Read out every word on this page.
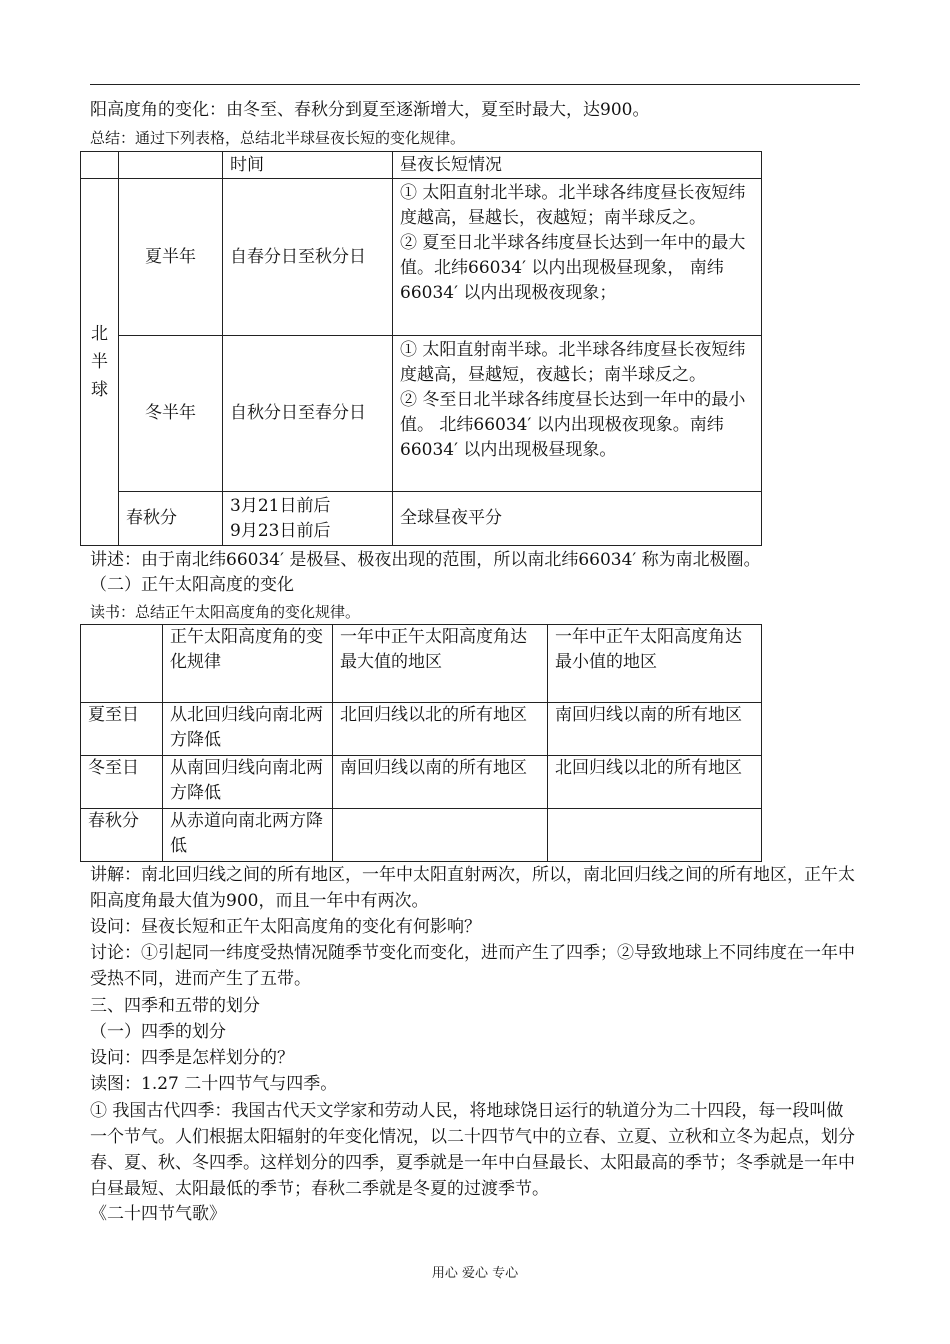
阳高度角的变化：由冬至、春秋分到夏至逐渐增大，夏至时最大，达900。
总结：通过下列表格，总结北半球昼夜长短的变化规律。
		时间	昼夜长短情况

北半球	夏半年	自春分日至秋分日	① 太阳直射北半球。北半球各纬度昼长夜短纬度越高，昼越长，夜越短；南半球反之。
② 夏至日北半球各纬度昼长达到一年中的最大值。北纬66034′ 以内出现极昼现象， 南纬66034′ 以内出现极夜现象；

	冬半年	自秋分日至春分日	① 太阳直射南半球。北半球各纬度昼长夜短纬度越高，昼越短，夜越长；南半球反之。
② 冬至日北半球各纬度昼长达到一年中的最小值。 北纬66034′ 以内出现极夜现象。南纬66034′ 以内出现极昼现象。

	春秋分	3月21日前后
9月23日前后	全球昼夜平分
讲述：由于南北纬66034′ 是极昼、极夜出现的范围，所以南北纬66034′ 称为南北极圈。
（二）正午太阳高度的变化
读书：总结正午太阳高度角的变化规律。
	正午太阳高度角的变化规律	一年中正午太阳高度角达
最大值的地区	一年中正午太阳高度角达
最小值的地区
夏至日	从北回归线向南北两方降低	北回归线以北的所有地区	南回归线以南的所有地区
冬至日	从南回归线向南北两方降低	南回归线以南的所有地区	北回归线以北的所有地区
春秋分	从赤道向南北两方降低		
讲解：南北回归线之间的所有地区，一年中太阳直射两次，所以，南北回归线之间的所有地区，正午太阳高度角最大值为900，而且一年中有两次。
设问：昼夜长短和正午太阳高度角的变化有何影响？
讨论：①引起同一纬度受热情况随季节变化而变化，进而产生了四季；②导致地球上不同纬度在一年中受热不同，进而产生了五带。
三、四季和五带的划分
（一）四季的划分
设问：四季是怎样划分的？
读图：1.27 二十四节气与四季。
① 我国古代四季：我国古代天文学家和劳动人民，将地球饶日运行的轨道分为二十四段，每一段叫做一个节气。人们根据太阳辐射的年变化情况，以二十四节气中的立春、立夏、立秋和立冬为起点，划分春、夏、秋、冬四季。这样划分的四季，夏季就是一年中白昼最长、太阳最高的季节；冬季就是一年中白昼最短、太阳最低的季节；春秋二季就是冬夏的过渡季节。
《二十四节气歌》
用心 爱心 专心
